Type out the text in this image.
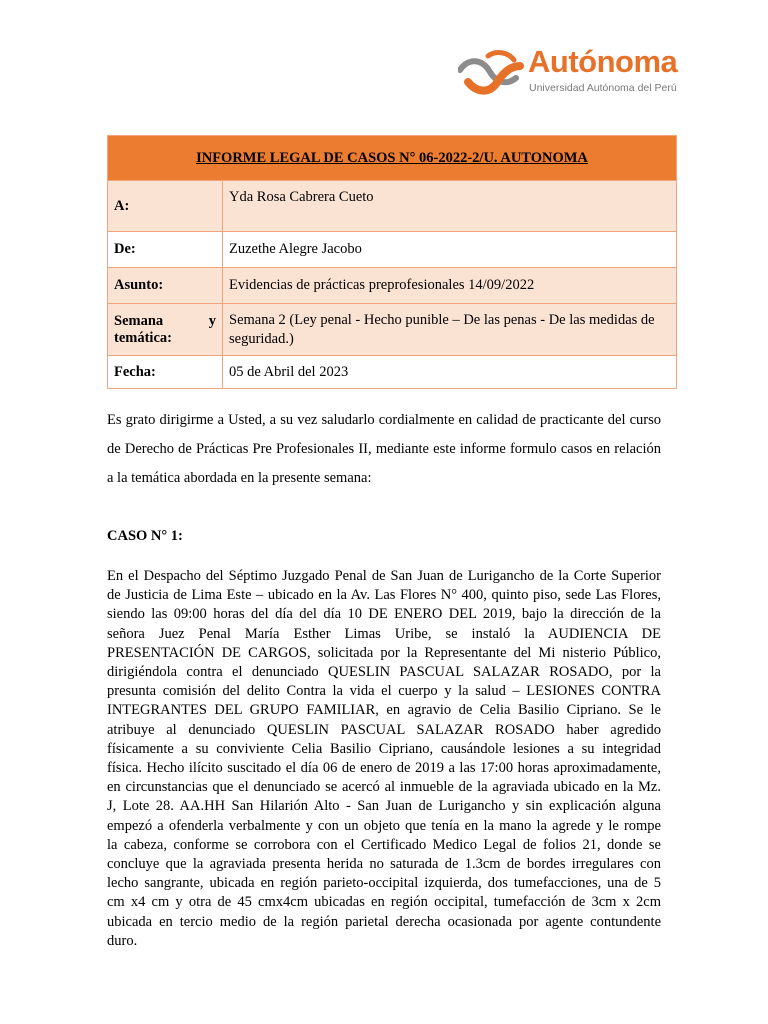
Autónoma
Universidad Autónoma del Perú
INFORME LEGAL DE CASOS N° 06-2022-2/U. AUTONOMA	
A:	Yda Rosa Cabrera Cueto
De:	Zuzethe Alegre Jacobo
Asunto:	Evidencias de prácticas preprofesionales 14/09/2022

Semana y
temática:	Semana 2 (Ley penal - Hecho punible – De las penas - De las medidas de seguridad.)
Fecha:	05 de Abril del 2023
Es grato dirigirme a Usted, a su vez saludarlo cordialmente en calidad de practicante del curso de Derecho de Prácticas Pre Profesionales II, mediante este informe formulo casos en relación a la temática abordada en la presente semana:
CASO N° 1:
En el Despacho del Séptimo Juzgado Penal de San Juan de Lurigancho de la Corte Superior
de Justicia de Lima Este – ubicado en la Av. Las Flores N° 400, quinto piso, sede Las Flores,
siendo las 09:00 horas del día del día 10 DE ENERO DEL 2019, bajo la dirección de la
señora Juez Penal María Esther Limas Uribe, se instaló la AUDIENCIA DE
PRESENTACIÓN DE CARGOS, solicitada por la Representante del Mi nisterio Público,
dirigiéndola contra el denunciado QUESLIN PASCUAL SALAZAR ROSADO, por la
presunta comisión del delito Contra la vida el cuerpo y la salud – LESIONES CONTRA
INTEGRANTES DEL GRUPO FAMILIAR, en agravio de Celia Basilio Cipriano. Se le
atribuye al denunciado QUESLIN PASCUAL SALAZAR ROSADO haber agredido
físicamente a su conviviente Celia Basilio Cipriano, causándole lesiones a su integridad
física. Hecho ilícito suscitado el día 06 de enero de 2019 a las 17:00 horas aproximadamente,
en circunstancias que el denunciado se acercó al inmueble de la agraviada ubicado en la Mz.
J, Lote 28. AA.HH San Hilarión Alto - San Juan de Lurigancho y sin explicación alguna
empezó a ofenderla verbalmente y con un objeto que tenía en la mano la agrede y le rompe
la cabeza, conforme se corrobora con el Certificado Medico Legal de folios 21, donde se
concluye que la agraviada presenta herida no saturada de 1.3cm de bordes irregulares con
lecho sangrante, ubicada en región parieto-occipital izquierda, dos tumefacciones, una de 5
cm x4 cm y otra de 45 cmx4cm ubicadas en región occipital, tumefacción de 3cm x 2cm
ubicada en tercio medio de la región parietal derecha ocasionada por agente contundente
duro.
